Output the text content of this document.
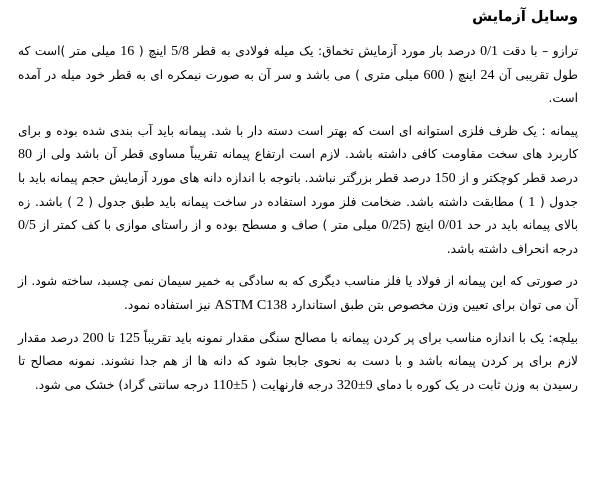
وسایل آزمایش

ترازو – با دقت 0/1 درصد بار مورد آزمایش تخماق: یک میله فولادی به قطر 5/8 اینچ ( 16 میلی متر )است که طول تقریبی آن 24 اینچ ( 600 میلی متری ) می باشد و سر آن به صورت نیمکره ای به قطر خود میله در آمده است.

پیمانه : یک ظرف فلزی استوانه ای است که بهتر است دسته دار با شد. پیمانه باید آب بندی شده بوده و برای کاربرد های سخت مقاومت کافی داشته باشد. لازم است ارتفاع پیمانه تقریباً مساوی قطر آن باشد ولی از 80 درصد قطر کوچکتر و از 150 درصد قطر بزرگتر نباشد. باتوجه با اندازه دانه های مورد آزمایش حجم پیمانه باید با جدول ( 1 ) مطابقت داشته باشد. ضخامت فلز مورد استفاده در ساخت پیمانه باید طبق جدول ( 2 ) باشد. زه بالای پیمانه باید در حد 0/01 اینچ (0/25 میلی متر ) صاف و مسطح بوده و از راستای موازی با کف کمتر از 0/5 درجه انحراف داشته باشد.

در صورتی که این پیمانه از فولاد یا فلز مناسب دیگری که به سادگی به خمیر سیمان نمی چسبد، ساخته شود. از آن می توان برای تعیین وزن مخصوص بتن طبق استاندارد ASTM C138 نیز استفاده نمود.

بیلچه: یک با اندازه مناسب برای پر کردن پیمانه با مصالح سنگی مقدار نمونه باید تقریباً 125 تا 200 درصد مقدار لازم برای پر کردن پیمانه باشد و با دست به نحوی جابجا شود که دانه ها از هم جدا نشوند. نمونه مصالح تا رسیدن به وزن ثابت در یک کوره با دمای 320±9 درجه فارنهایت ( 110±5 درجه سانتی گراد) خشک می شود.
